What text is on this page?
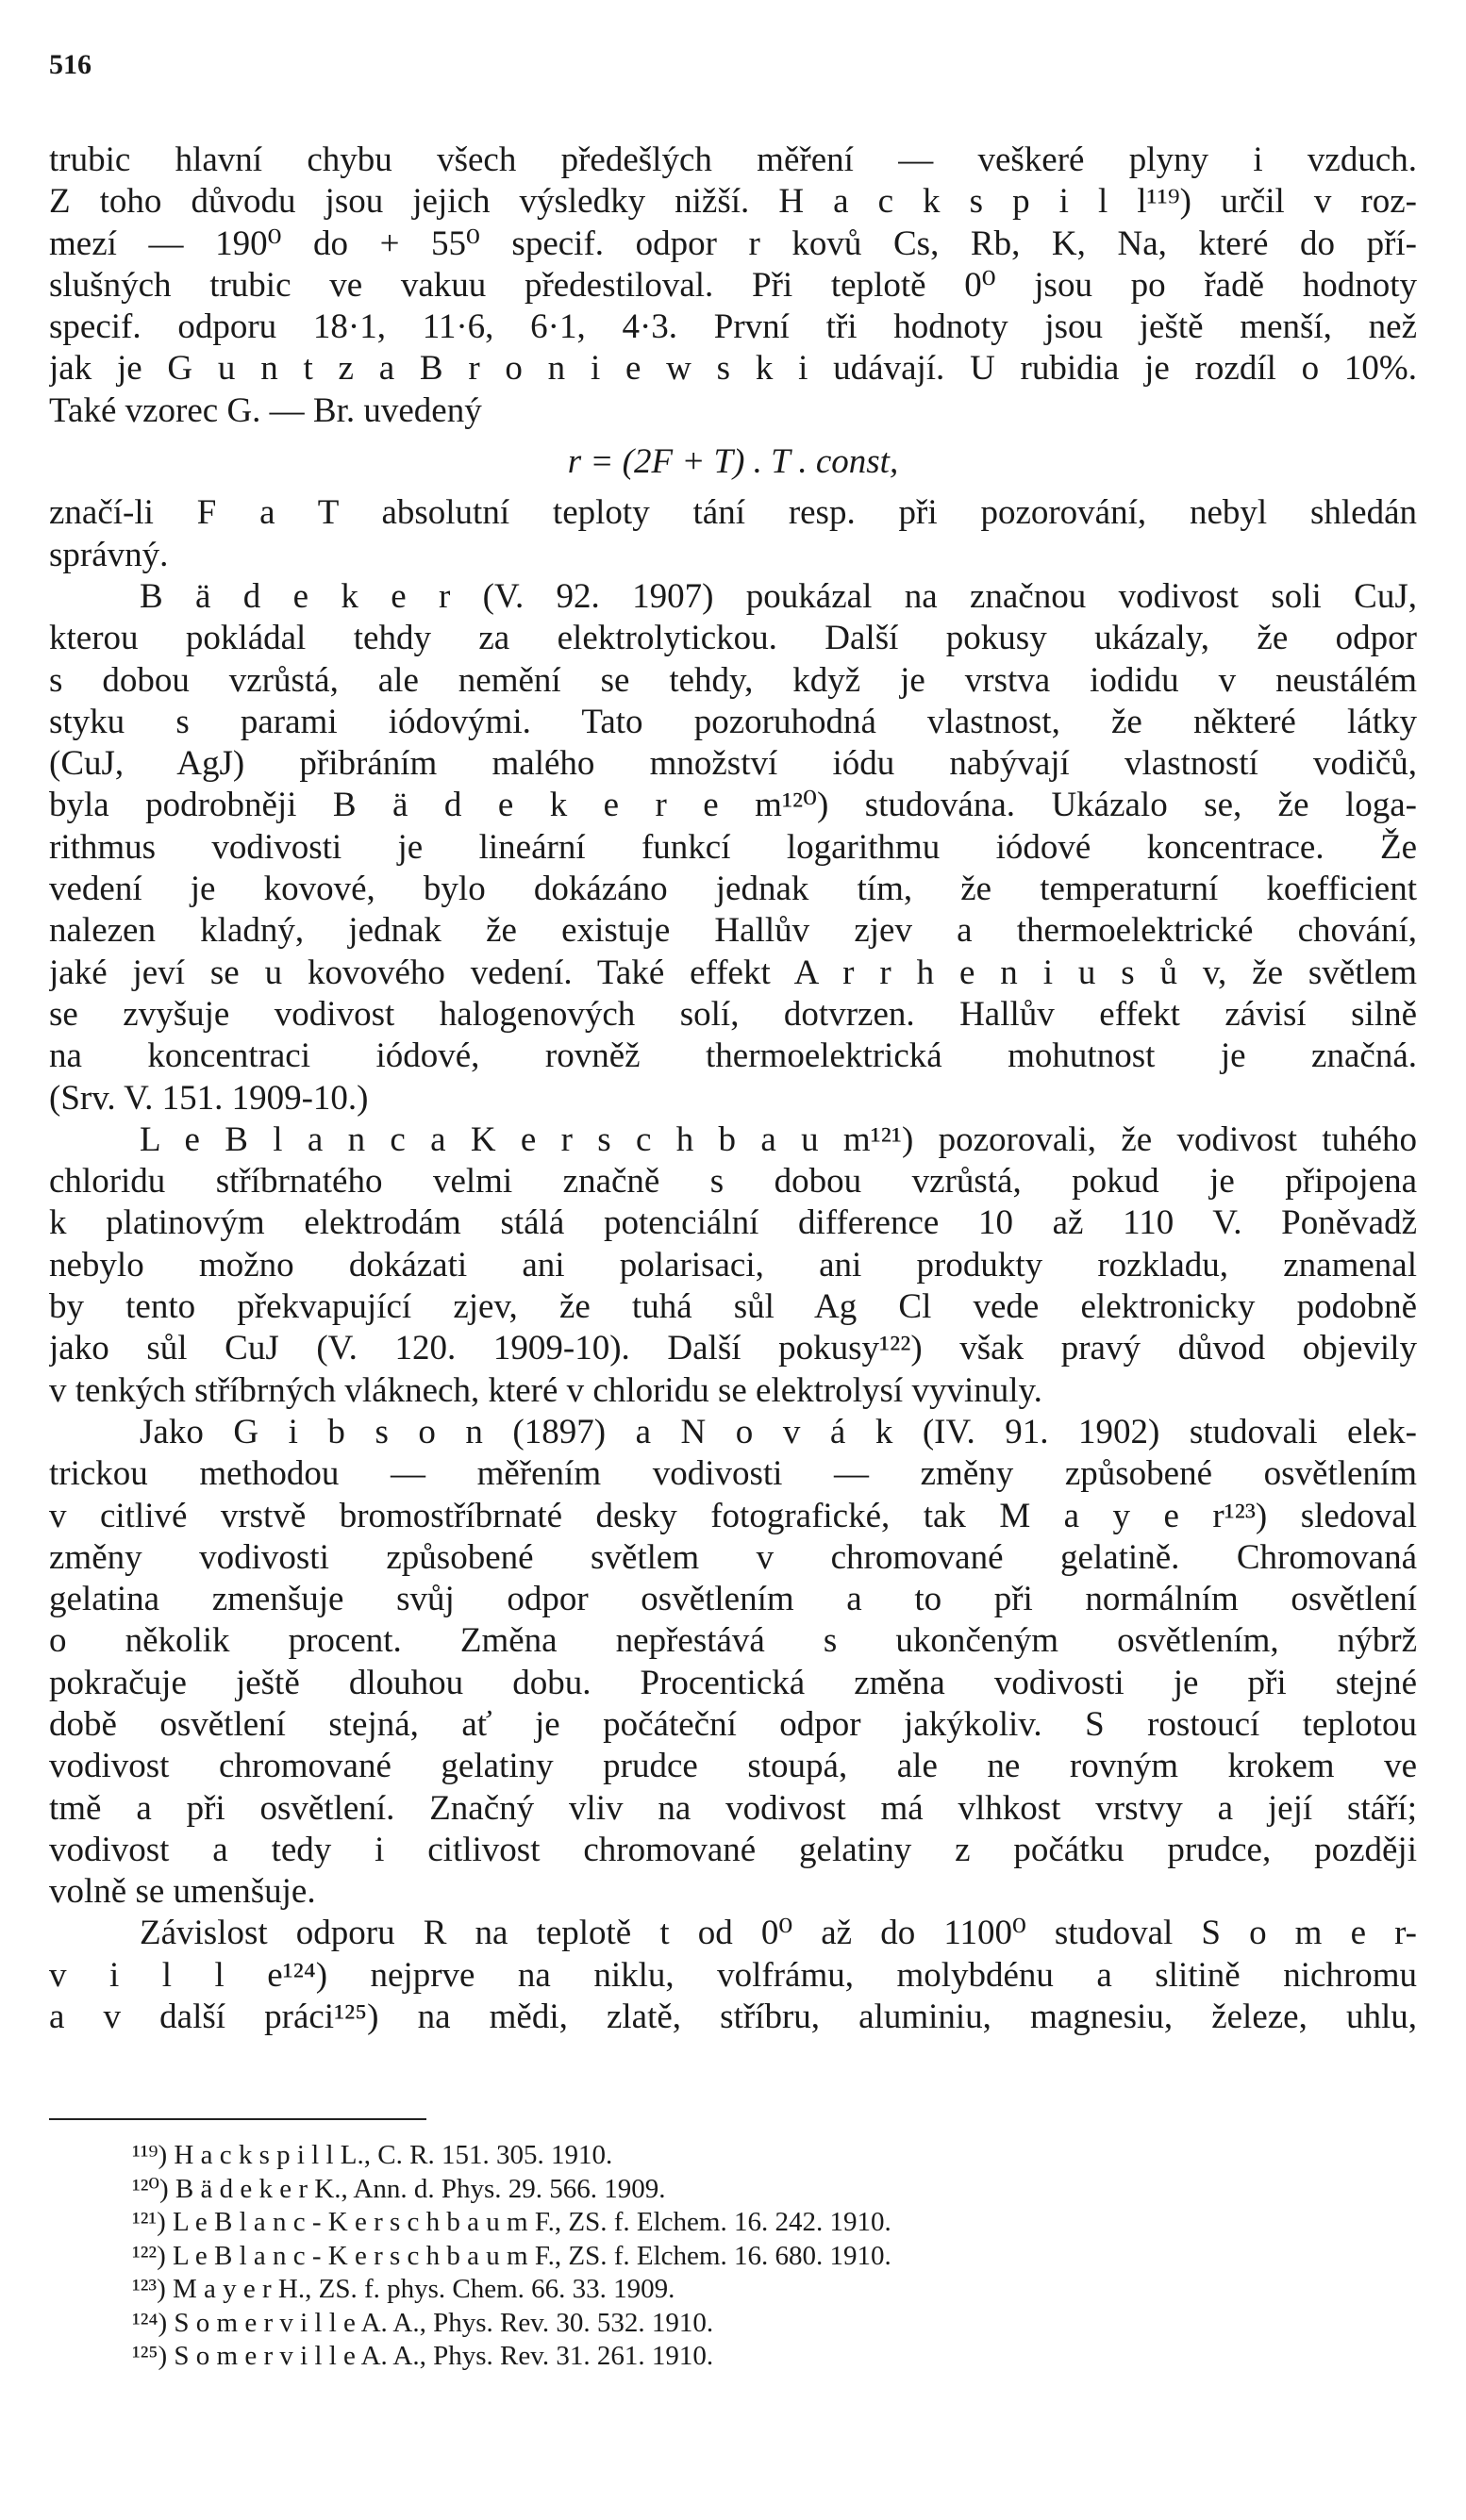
516
trubic hlavní chybu všech předešlých měření — veškeré plyny i vzduch.
Z toho důvodu jsou jejich výsledky nižší. H a c k s p i l l¹¹⁹) určil v roz-
mezí — 190⁰ do + 55⁰ specif. odpor r kovů Cs, Rb, K, Na, které do pří-
slušných trubic ve vakuu předestiloval. Při teplotě 0⁰ jsou po řadě hodnoty
specif. odporu 18·1, 11·6, 6·1, 4·3. První tři hodnoty jsou ještě menší, než
jak je G u n t z a B r o n i e w s k i udávají. U rubidia je rozdíl o 10%.
Také vzorec G. — Br. uvedený
r = (2F + T) . T . const,
značí-li F a T absolutní teploty tání resp. při pozorování, nebyl shledán
správný.
B ä d e k e r (V. 92. 1907) poukázal na značnou vodivost soli CuJ,
kterou pokládal tehdy za elektrolytickou. Další pokusy ukázaly, že odpor
s dobou vzrůstá, ale nemění se tehdy, když je vrstva iodidu v neustálém
styku s parami iódovými. Tato pozoruhodná vlastnost, že některé látky
(CuJ, AgJ) přibráním malého množství iódu nabývají vlastností vodičů,
byla podrobněji B ä d e k e r e m¹²⁰) studována. Ukázalo se, že loga-
rithmus vodivosti je lineární funkcí logarithmu iódové koncentrace. Že
vedení je kovové, bylo dokázáno jednak tím, že temperaturní koefficient
nalezen kladný, jednak že existuje Hallův zjev a thermoelektrické chování,
jaké jeví se u kovového vedení. Také effekt A r r h e n i u s ů v, že světlem
se zvyšuje vodivost halogenových solí, dotvrzen. Hallův effekt závisí silně
na koncentraci iódové, rovněž thermoelektrická mohutnost je značná.
(Srv. V. 151. 1909-10.)
L e B l a n c a K e r s c h b a u m¹²¹) pozorovali, že vodivost tuhého
chloridu stříbrnatého velmi značně s dobou vzrůstá, pokud je připojena
k platinovým elektrodám stálá potenciální difference 10 až 110 V. Poněvadž
nebylo možno dokázati ani polarisaci, ani produkty rozkladu, znamenal
by tento překvapující zjev, že tuhá sůl Ag Cl vede elektronicky podobně
jako sůl CuJ (V. 120. 1909-10). Další pokusy¹²²) však pravý důvod objevily
v tenkých stříbrných vláknech, které v chloridu se elektrolysí vyvinuly.
Jako G i b s o n (1897) a N o v á k (IV. 91. 1902) studovali elek-
trickou methodou — měřením vodivosti — změny způsobené osvětlením
v citlivé vrstvě bromostříbrnaté desky fotografické, tak M a y e r¹²³) sledoval
změny vodivosti způsobené světlem v chromované gelatině. Chromovaná
gelatina zmenšuje svůj odpor osvětlením a to při normálním osvětlení
o několik procent. Změna nepřestává s ukončeným osvětlením, nýbrž
pokračuje ještě dlouhou dobu. Procentická změna vodivosti je při stejné
době osvětlení stejná, ať je počáteční odpor jakýkoliv. S rostoucí teplotou
vodivost chromované gelatiny prudce stoupá, ale ne rovným krokem ve
tmě a při osvětlení. Značný vliv na vodivost má vlhkost vrstvy a její stáří;
vodivost a tedy i citlivost chromované gelatiny z počátku prudce, později
volně se umenšuje.
Závislost odporu R na teplotě t od 0⁰ až do 1100⁰ studoval S o m e r-
v i l l e¹²⁴) nejprve na niklu, volfrámu, molybdénu a slitině nichromu
a v další práci¹²⁵) na mědi, zlatě, stříbru, aluminiu, magnesiu, železe, uhlu,
¹¹⁹) H a c k s p i l l L., C. R. 151. 305. 1910.
¹²⁰) B ä d e k e r K., Ann. d. Phys. 29. 566. 1909.
¹²¹) L e B l a n c - K e r s c h b a u m F., ZS. f. Elchem. 16. 242. 1910.
¹²²) L e B l a n c - K e r s c h b a u m F., ZS. f. Elchem. 16. 680. 1910.
¹²³) M a y e r H., ZS. f. phys. Chem. 66. 33. 1909.
¹²⁴) S o m e r v i l l e A. A., Phys. Rev. 30. 532. 1910.
¹²⁵) S o m e r v i l l e A. A., Phys. Rev. 31. 261. 1910.
